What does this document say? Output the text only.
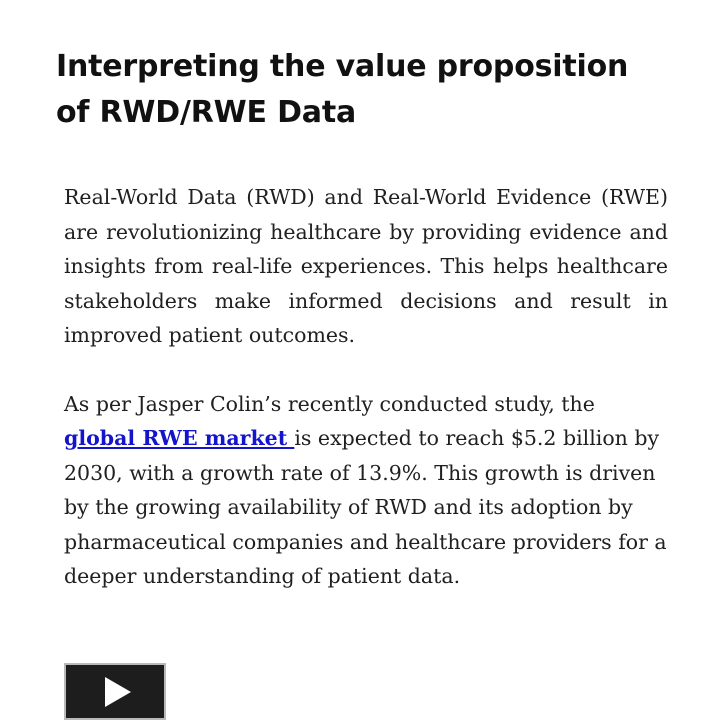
Interpreting the value proposition of RWD/RWE Data

Real-World Data (RWD) and Real-World Evidence (RWE) are revolutionizing healthcare by providing evidence and insights from real-life experiences. This helps healthcare stakeholders make informed decisions and result in improved patient outcomes.

As per Jasper Colin’s recently conducted study, the global RWE market is expected to reach $5.2 billion by 2030, with a growth rate of 13.9%. This growth is driven by the growing availability of RWD and its adoption by pharmaceutical companies and healthcare providers for a deeper understanding of patient data.
